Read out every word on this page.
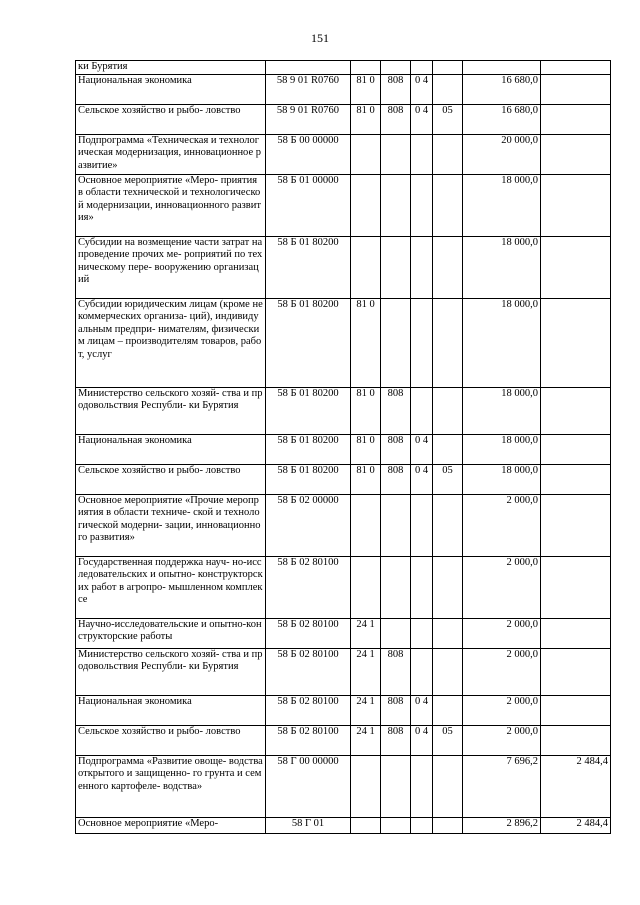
151
ки Бурятия							
Национальная экономика	58 9 01 R0760	81 0	808	0 4		16 680,0	
Сельское хозяйство и рыбо- ловство	58 9 01 R0760	81 0	808	0 4	05	16 680,0	
Подпрограмма «Техническая и технологическая модернизация, инновационное развитие»	58 Б 00 00000					20 000,0	
Основное мероприятие «Меро- приятия в области технической и технологической модернизации, инновационного развития»	58 Б 01 00000					18 000,0	
Субсидии на возмещение части затрат на проведение прочих ме- роприятий по техническому пере- вооружению организаций	58 Б 01 80200					18 000,0	
Субсидии юридическим лицам (кроме некоммерческих организа- ций), индивидуальным предпри- нимателям, физическим лицам – производителям товаров, работ, услуг	58 Б 01 80200	81 0				18 000,0	
Министерство сельского хозяй- ства и продовольствия Республи- ки Бурятия	58 Б 01 80200	81 0	808			18 000,0	
Национальная экономика	58 Б 01 80200	81 0	808	0 4		18 000,0	
Сельское хозяйство и рыбо- ловство	58 Б 01 80200	81 0	808	0 4	05	18 000,0	
Основное мероприятие «Прочие мероприятия в области техниче- ской и технологической модерни- зации, инновационного развития»	58 Б 02 00000					2 000,0	
Государственная поддержка науч- но-исследовательских и опытно- конструкторских работ в агропро- мышленном комплексе	58 Б 02 80100					2 000,0	
Научно-исследовательские и опытно-конструкторские работы	58 Б 02 80100	24 1				2 000,0	
Министерство сельского хозяй- ства и продовольствия Республи- ки Бурятия	58 Б 02 80100	24 1	808			2 000,0	
Национальная экономика	58 Б 02 80100	24 1	808	0 4		2 000,0	
Сельское хозяйство и рыбо- ловство	58 Б 02 80100	24 1	808	0 4	05	2 000,0	
Подпрограмма «Развитие овоще- водства открытого и защищенно- го грунта и семенного картофеле- водства»	58 Г 00 00000					7 696,2	2 484,4
Основное мероприятие «Меро-	58 Г 01					2 896,2	2 484,4
